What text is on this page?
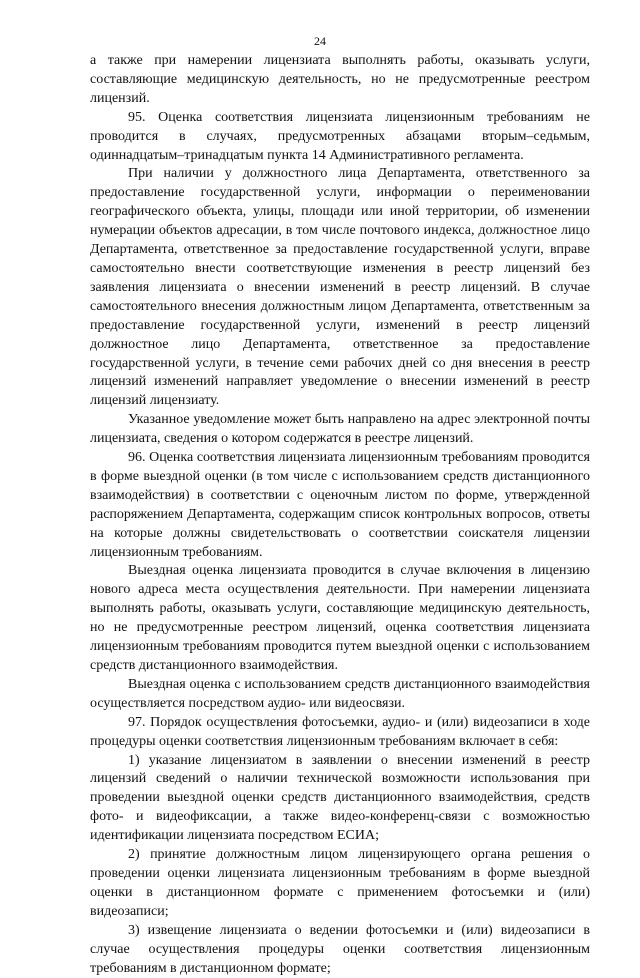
24

а также при намерении лицензиата выполнять работы, оказывать услуги, составляющие медицинскую деятельность, но не предусмотренные реестром лицензий.

95. Оценка соответствия лицензиата лицензионным требованиям не проводится в случаях, предусмотренных абзацами вторым–седьмым, одиннадцатым–тринадцатым пункта 14 Административного регламента.

При наличии у должностного лица Департамента, ответственного за предоставление государственной услуги, информации о переименовании географического объекта, улицы, площади или иной территории, об изменении нумерации объектов адресации, в том числе почтового индекса, должностное лицо Департамента, ответственное за предоставление государственной услуги, вправе самостоятельно внести соответствующие изменения в реестр лицензий без заявления лицензиата о внесении изменений в реестр лицензий. В случае самостоятельного внесения должностным лицом Департамента, ответственным за предоставление государственной услуги, изменений в реестр лицензий должностное лицо Департамента, ответственное за предоставление государственной услуги, в течение семи рабочих дней со дня внесения в реестр лицензий изменений направляет уведомление о внесении изменений в реестр лицензий лицензиату.

Указанное уведомление может быть направлено на адрес электронной почты лицензиата, сведения о котором содержатся в реестре лицензий.

96. Оценка соответствия лицензиата лицензионным требованиям проводится в форме выездной оценки (в том числе с использованием средств дистанционного взаимодействия) в соответствии с оценочным листом по форме, утвержденной распоряжением Департамента, содержащим список контрольных вопросов, ответы на которые должны свидетельствовать о соответствии соискателя лицензии лицензионным требованиям.

Выездная оценка лицензиата проводится в случае включения в лицензию нового адреса места осуществления деятельности. При намерении лицензиата выполнять работы, оказывать услуги, составляющие медицинскую деятельность, но не предусмотренные реестром лицензий, оценка соответствия лицензиата лицензионным требованиям проводится путем выездной оценки с использованием средств дистанционного взаимодействия.

Выездная оценка с использованием средств дистанционного взаимодействия осуществляется посредством аудио- или видеосвязи.

97. Порядок осуществления фотосъемки, аудио- и (или) видеозаписи в ходе процедуры оценки соответствия лицензионным требованиям включает в себя:

1) указание лицензиатом в заявлении о внесении изменений в реестр лицензий сведений о наличии технической возможности использования при проведении выездной оценки средств дистанционного взаимодействия, средств фото- и видеофиксации, а также видео-конференц-связи с возможностью идентификации лицензиата посредством ЕСИА;

2) принятие должностным лицом лицензирующего органа решения о проведении оценки лицензиата лицензионным требованиям в форме выездной оценки в дистанционном формате с применением фотосъемки и (или) видеозаписи;

3) извещение лицензиата о ведении фотосъемки и (или) видеозаписи в случае осуществления процедуры оценки соответствия лицензионным требованиям в дистанционном формате;
